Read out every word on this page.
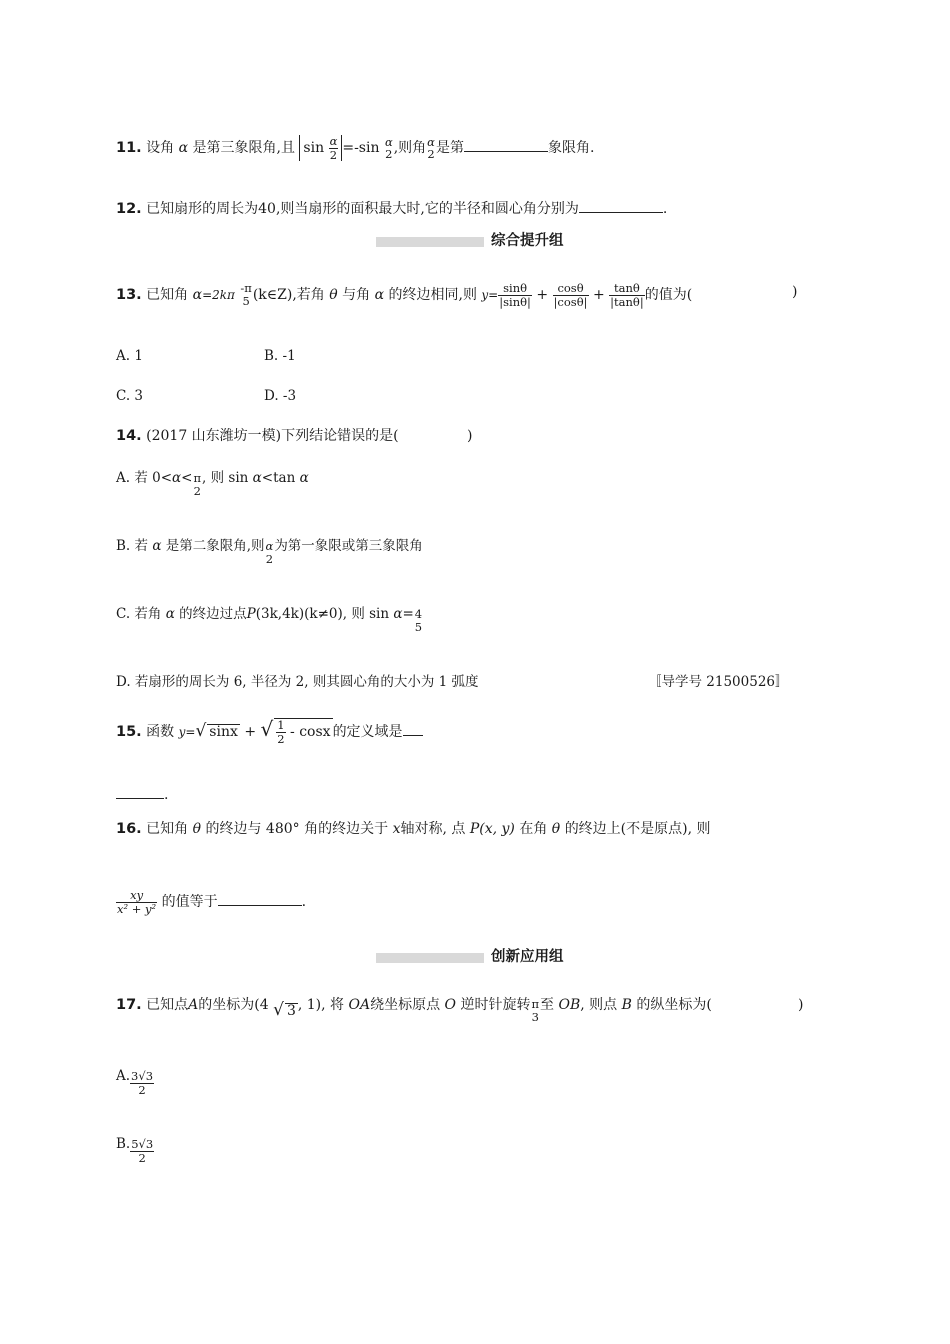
11. 设角 α 是第三象限角,且 $\sin \frac{\alpha}{2} =-\sin$ α
2 ,则角 α
2 是第	象限角.
12. 已知扇形的周长为40,则当扇形的面积最大时,它的半径和圆心角分别为	.
综合提升组
13. 已知角 α=2kπ
-π
5 (k∈Z),若角 θ 与角 α 的终边相同,则 $y= \frac{\sin\theta}{|\sin\theta|} + \frac{\cos\theta}{|\cos\theta|} + \frac{\tan\theta}{|\tan\theta|}$ 的值为(	)
A. 1	B. -1
C. 3	D. -3
14. (2017 山东潍坊一模)下列结论错误的是(	)
A. 若 0<α< π
2
, 则 sin α<tan α
B. 若 α 是第二象限角,则 α
2
为第一象限或第三象限角
C. 若角 α 的终边过点P(3k,4k)(k≠0), 则 sin α= 4
5
D. 若扇形的周长为 6, 半径为 2, 则其圆心角的大小为 1 弧度	〚导学号 21500526〛
15. 函数 y=√ sinx + √ $\frac{1}{2}$ - cosx 的定义域是
.
16. 已知角 θ 的终边与 480° 角的终边关于 x轴对称, 点 P(x, y) 在角 θ 的终边上(不是原点), 则
$\frac{xy}{\text{x² + y²}}$ 的值等于	.
创新应用组
17. 已知点A的坐标为(4 √ 3 , 1), 将 OA绕坐标原点 O 逆时针旋转 π
3
至 OB, 则点 B 的纵坐标为(	)
A. $\frac{3√3}{2}$
B. $\frac{5√3}{2}$
